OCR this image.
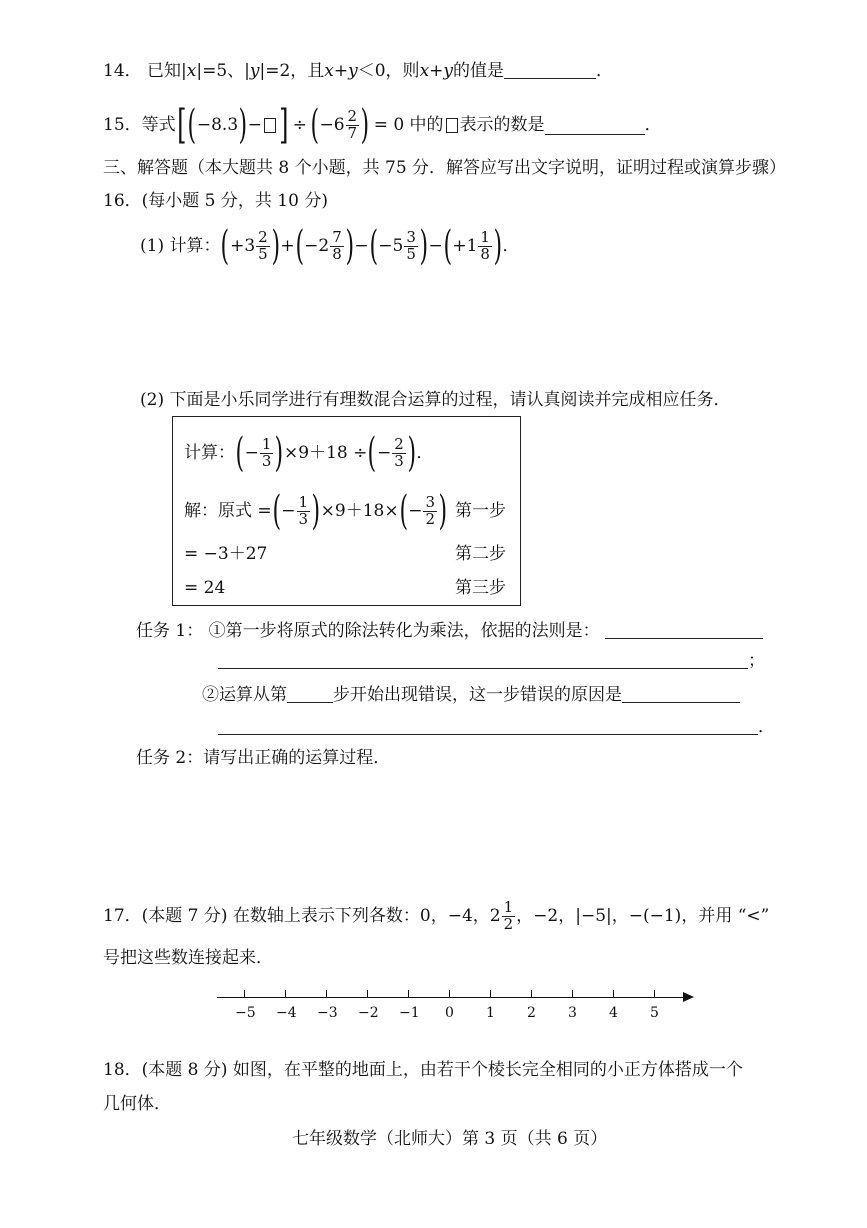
14． 已知|x|=5、|y|=2，且x+y＜0，则x+y的值是	．
15． 等式 [ ( −8.3 ) − ] ÷ ( $-6 \frac{2}{7}$ ) = 0 中的 表示的数是	．
三、解答题（本大题共 8 个小题，共 75 分．解答应写出文字说明，证明过程或演算步骤）
16．(每小题 5 分，共 10 分)
(1) 计算： ( $+3 \frac{2}{5}$ ) + ( $-2 \frac{7}{8}$ ) − ( $-5 \frac{3}{5}$ ) − ( $+1 \frac{1}{8}$ ) ．
(2) 下面是小乐同学进行有理数混合运算的过程，请认真阅读并完成相应任务．
计算： ( − $\frac{1}{3}$ ) ×9＋18 ÷ ( − $\frac{2}{3}$ ) ．
解：原式 = ( − $\frac{1}{3}$ ) ×9＋18× ( − $\frac{3}{2}$ ) 第一步
= −3＋27	第二步
= 24	第三步
任务 1： ①第一步将原式的除法转化为乘法，依据的法则是：
；
②运算从第	步开始出现错误，这一步错误的原因是
．
任务 2：请写出正确的运算过程．
17．(本题 7 分) 在数轴上表示下列各数：0，−4，$2 \frac{1}{2}$ ，−2， |−5| ，−(−1)，并用 “<”
号把这些数连接起来．
−5 −4 −3 −2 −1 0 1 2 3 4 5
18．(本题 8 分) 如图，在平整的地面上，由若干个棱长完全相同的小正方体搭成一个
几何体．
七年级数学（北师大）第 3 页（共 6 页）
